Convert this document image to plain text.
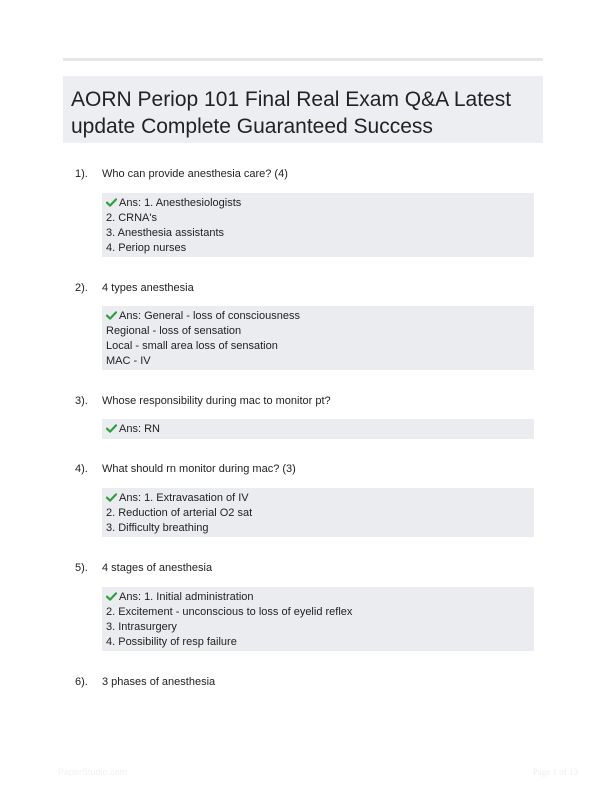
AORN Periop 101 Final Real Exam Q&A Latest
update Complete Guaranteed Success
1). Who can provide anesthesia care? (4)
Ans: 1. Anesthesiologists
2. CRNA's
3. Anesthesia assistants
4. Periop nurses
2). 4 types anesthesia
Ans: General - loss of consciousness
Regional - loss of sensation
Local - small area loss of sensation
MAC - IV
3). Whose responsibility during mac to monitor pt?
Ans: RN
4). What should rn monitor during mac? (3)
Ans: 1. Extravasation of IV
2. Reduction of arterial O2 sat
3. Difficulty breathing
5). 4 stages of anesthesia
Ans: 1. Initial administration
2. Excitement - unconscious to loss of eyelid reflex
3. Intrasurgery
4. Possibility of resp failure
6). 3 phases of anesthesia
PaperStudio.com	Page 1 of 13
